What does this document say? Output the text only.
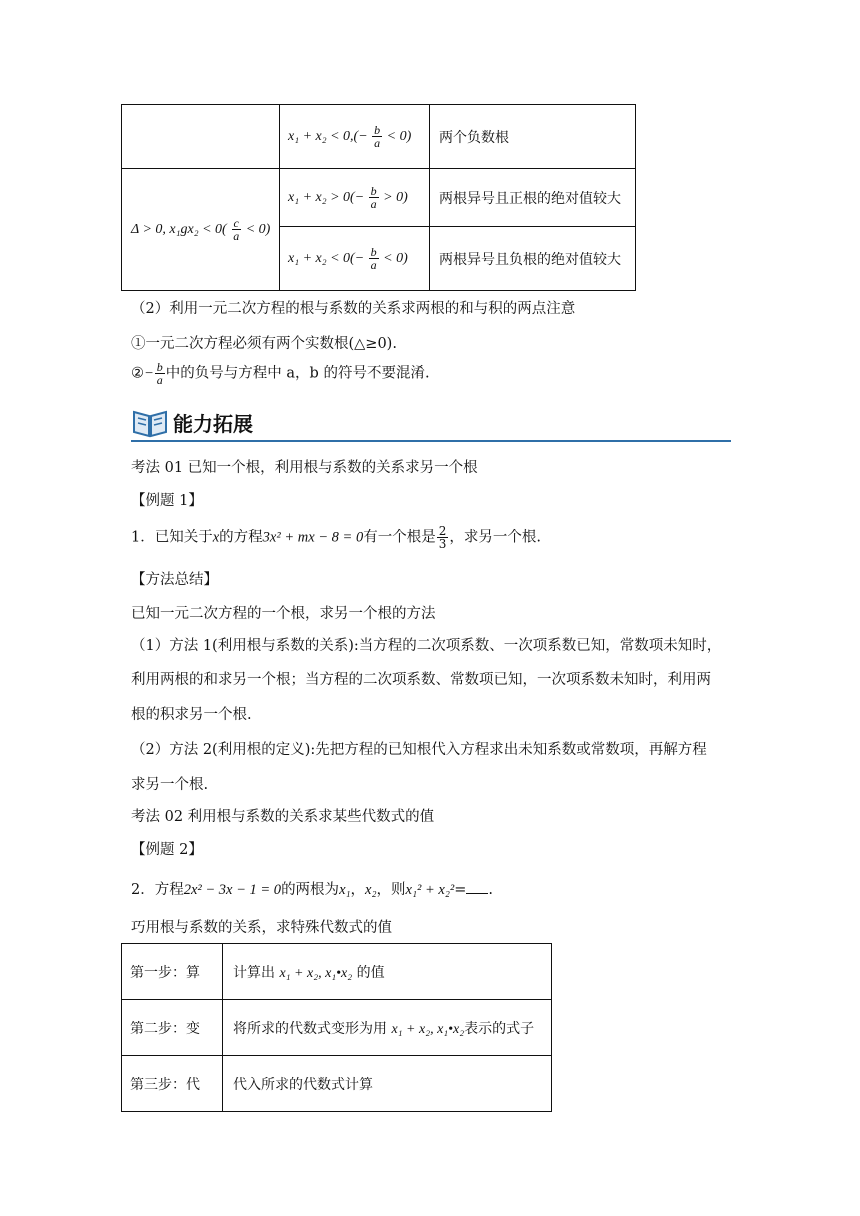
	$x_1 + x_2 < 0,(- \frac{b}{a} < 0)$	两个负数根
Δ > 0, $x_1gx_2 < 0( \frac{c}{a} < 0)$	$x_1 + x_2 > 0(- \frac{b}{a} > 0)$	两根异号且正根的绝对值较大
	$x_1 + x_2 < 0(- \frac{b}{a} < 0)$	两根异号且负根的绝对值较大
（2）利用一元二次方程的根与系数的关系求两根的和与积的两点注意
①一元二次方程必须有两个实数根(△≥0).
②− $\frac{b}{a}$ 中的负号与方程中 a，b 的符号不要混淆.
能力拓展
考法 01 已知一个根，利用根与系数的关系求另一个根
【例题 1】
1．已知关于x的方程3x² + mx − 8 = 0有一个根是 $\frac{2}{3}$ ，求另一个根.
【方法总结】
已知一元二次方程的一个根，求另一个根的方法
（1）方法 1(利用根与系数的关系):当方程的二次项系数、一次项系数已知，常数项未知时，
利用两根的和求另一个根；当方程的二次项系数、常数项已知，一次项系数未知时，利用两
根的积求另一个根.
（2）方法 2(利用根的定义):先把方程的已知根代入方程求出未知系数或常数项，再解方程
求另一个根.
考法 02 利用根与系数的关系求某些代数式的值
【例题 2】
2．方程2x² − 3x − 1 = 0的两根为x₁，x₂，则x₁² + x₂²= .
巧用根与系数的关系，求特殊代数式的值
第一步：算	计算出 x₁ + x₂, x₁•x₂ 的值
第二步：变	将所求的代数式变形为用 x₁ + x₂, x₁•x₂表示的式子
第三步：代	代入所求的代数式计算
